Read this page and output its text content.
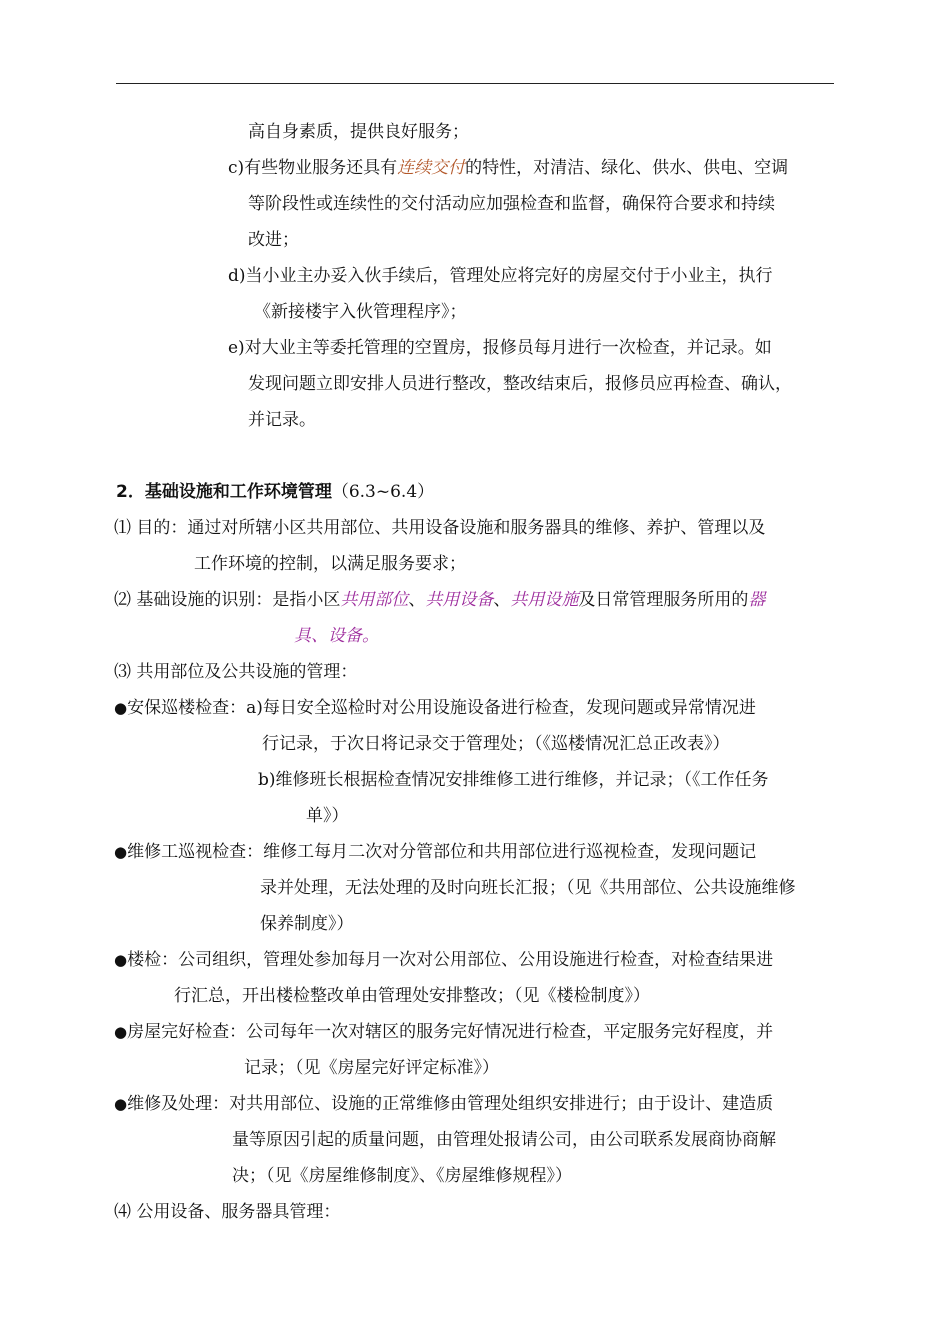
高自身素质，提供良好服务；
c)有些物业服务还具有连续交付的特性，对清洁、绿化、供水、供电、空调
等阶段性或连续性的交付活动应加强检查和监督，确保符合要求和持续
改进；
d)当小业主办妥入伙手续后，管理处应将完好的房屋交付于小业主，执行
《新接楼宇入伙管理程序》；
e)对大业主等委托管理的空置房，报修员每月进行一次检查，并记录。如
发现问题立即安排人员进行整改，整改结束后，报修员应再检查、确认，
并记录。
2．基础设施和工作环境管理（6.3~6.4）
⑴ 目的：通过对所辖小区共用部位、共用设备设施和服务器具的维修、养护、管理以及
工作环境的控制，以满足服务要求；
⑵ 基础设施的识别：是指小区共用部位、共用设备、共用设施及日常管理服务所用的器
具、设备。
⑶ 共用部位及公共设施的管理：
●安保巡楼检查：a)每日安全巡检时对公用设施设备进行检查，发现问题或异常情况进
行记录，于次日将记录交于管理处；（《巡楼情况汇总正改表》）
b)维修班长根据检查情况安排维修工进行维修，并记录；（《工作任务
单》）
●维修工巡视检查：维修工每月二次对分管部位和共用部位进行巡视检查，发现问题记
录并处理，无法处理的及时向班长汇报；（见《共用部位、公共设施维修
保养制度》）
●楼检：公司组织，管理处参加每月一次对公用部位、公用设施进行检查，对检查结果进
行汇总，开出楼检整改单由管理处安排整改；（见《楼检制度》）
●房屋完好检查：公司每年一次对辖区的服务完好情况进行检查，平定服务完好程度，并
记录；（见《房屋完好评定标准》）
●维修及处理：对共用部位、设施的正常维修由管理处组织安排进行；由于设计、建造质
量等原因引起的质量问题，由管理处报请公司，由公司联系发展商协商解
决；（见《房屋维修制度》、《房屋维修规程》）
⑷ 公用设备、服务器具管理：
